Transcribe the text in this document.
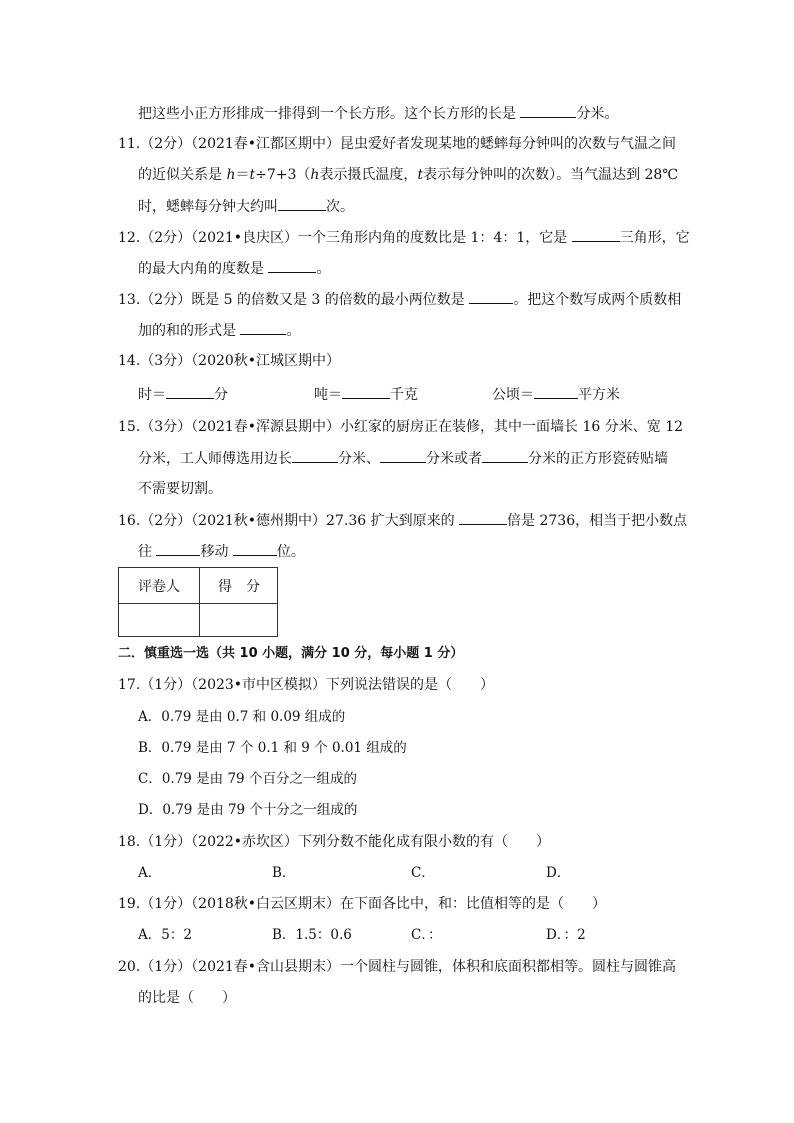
把这些小正方形排成一排得到一个长方形。这个长方形的长是	分米。
11.（2分）（2021春•江都区期中）昆虫爱好者发现某地的蟋蟀每分钟叫的次数与气温之间
的近似关系是 h＝t÷7+3（h表示摄氏温度，t表示每分钟叫的次数）。当气温达到 28℃
时，蟋蟀每分钟大约叫	次。
12.（2分）（2021•良庆区）一个三角形内角的度数比是 1：4：1，它是	三角形，它
的最大内角的度数是	。
13.（2分）既是 5 的倍数又是 3 的倍数的最小两位数是	。把这个数写成两个质数相
加的和的形式是	。
14.（3分）（2020秋•江城区期中）
时＝	分	吨＝	千克	公顷＝	平方米
15.（3分）（2021春•浑源县期中）小红家的厨房正在装修，其中一面墙长 16 分米、宽 12
分米，工人师傅选用边长	分米、	分米或者	分米的正方形瓷砖贴墙
不需要切割。
16.（2分）（2021秋•德州期中）27.36 扩大到原来的	倍是 2736，相当于把小数点
往	移动	位。
评卷人	得　分
二．慎重选一选（共 10 小题，满分 10 分，每小题 1 分）
17.（1分）（2023•市中区模拟）下列说法错误的是（　　）
A．0.79 是由 0.7 和 0.09 组成的
B．0.79 是由 7 个 0.1 和 9 个 0.01 组成的
C．0.79 是由 79 个百分之一组成的
D．0.79 是由 79 个十分之一组成的
18.（1分）（2022•赤坎区）下列分数不能化成有限小数的有（　　）
A．	B．	C．	D．
19.（1分）（2018秋•白云区期末）在下面各比中，和：比值相等的是（　　）
A．5：2	B．1.5：0.6	C．：	D．：2
20.（1分）（2021春•含山县期末）一个圆柱与圆锥，体积和底面积都相等。圆柱与圆锥高
的比是（　　）
